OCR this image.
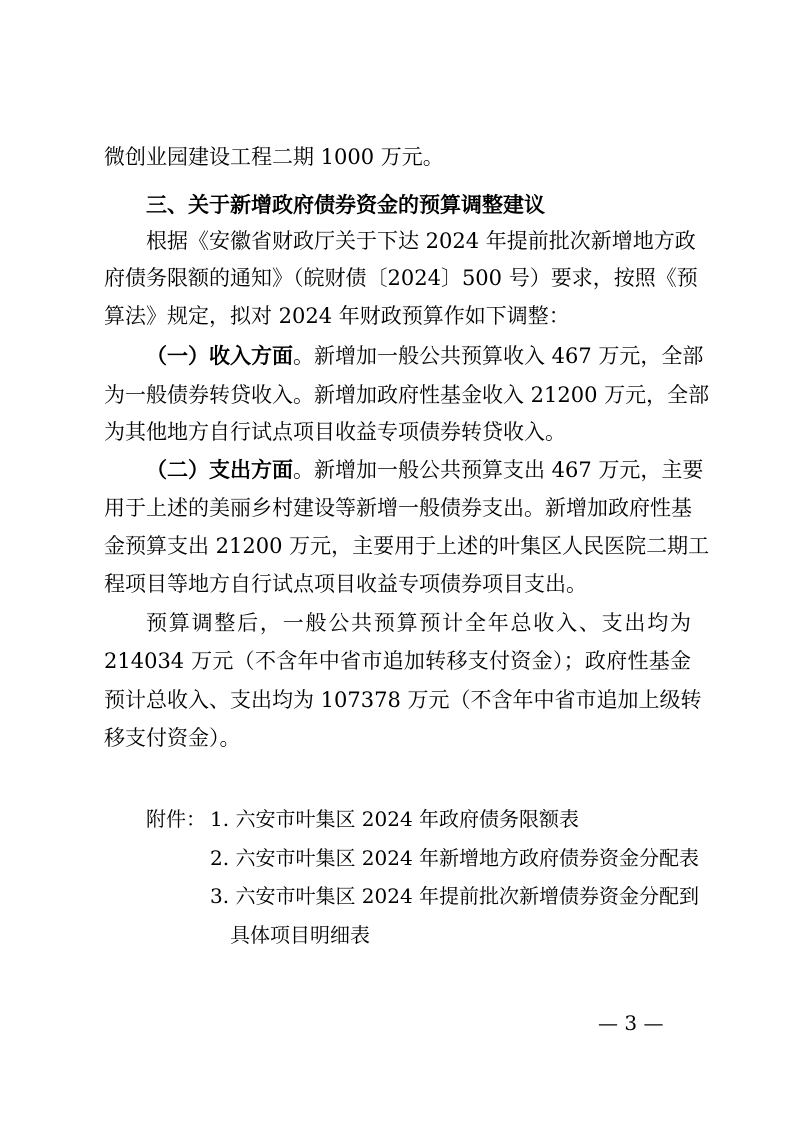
微创业园建设工程二期 1000 万元。
三、关于新增政府债券资金的预算调整建议
根据《安徽省财政厅关于下达 2024 年提前批次新增地方政
府债务限额的通知》（皖财债〔2024〕500 号）要求，按照《预
算法》规定，拟对 2024 年财政预算作如下调整：
（一）收入方面。新增加一般公共预算收入 467 万元，全部
为一般债券转贷收入。新增加政府性基金收入 21200 万元，全部
为其他地方自行试点项目收益专项债券转贷收入。
（二）支出方面。新增加一般公共预算支出 467 万元，主要
用于上述的美丽乡村建设等新增一般债券支出。新增加政府性基
金预算支出 21200 万元，主要用于上述的叶集区人民医院二期工
程项目等地方自行试点项目收益专项债券项目支出。
预算调整后，一般公共预算预计全年总收入、支出均为
214034 万元（不含年中省市追加转移支付资金）；政府性基金
预计总收入、支出均为 107378 万元（不含年中省市追加上级转
移支付资金）。
附件： 1. 六安市叶集区 2024 年政府债务限额表
2. 六安市叶集区 2024 年新增地方政府债券资金分配表
3. 六安市叶集区 2024 年提前批次新增债券资金分配到
具体项目明细表
— 3 —
